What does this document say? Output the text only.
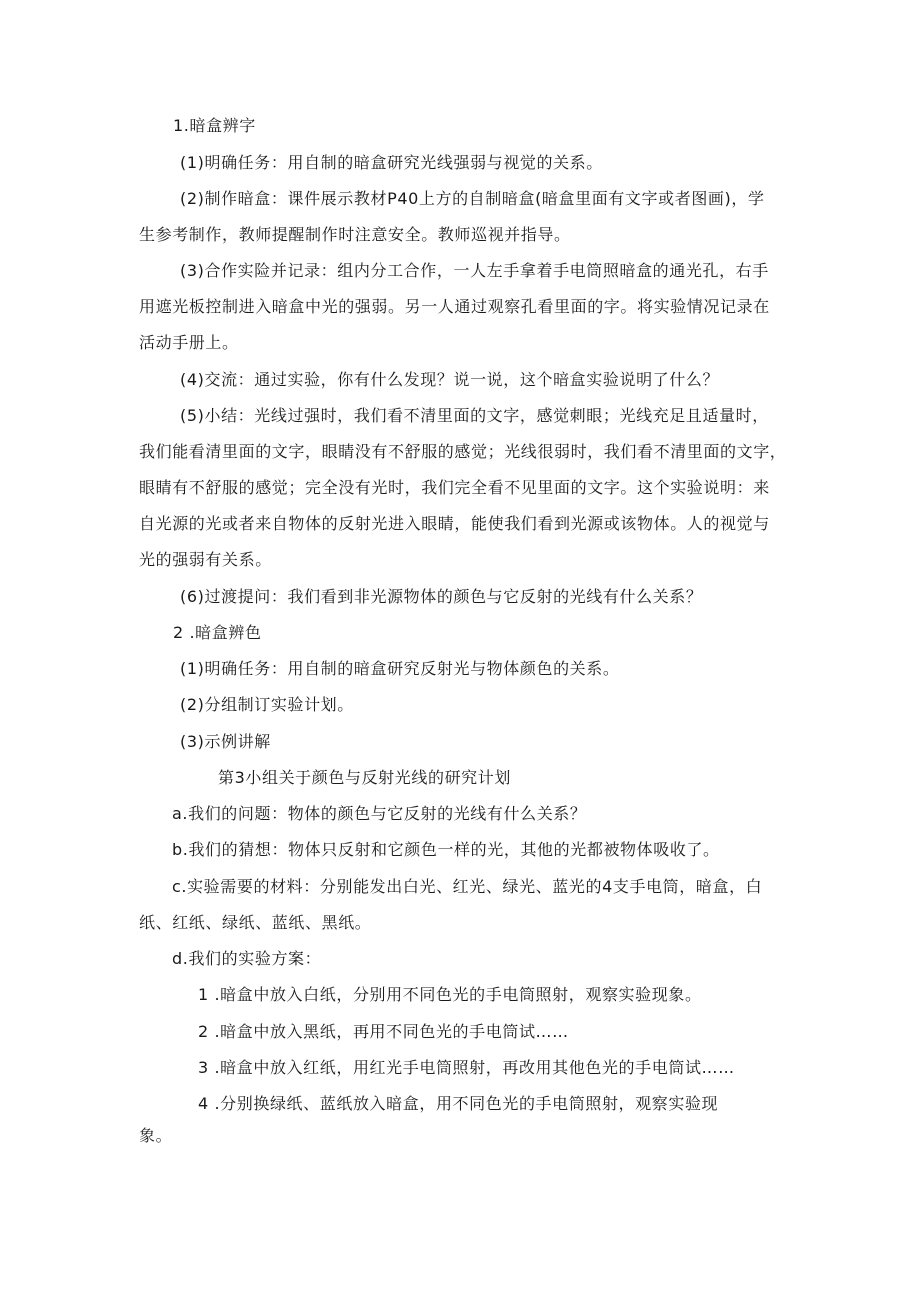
1.暗盒辨字

(1)明确任务：用自制的暗盒研究光线强弱与视觉的关系。

(2)制作暗盒：课件展示教材P40上方的自制暗盒(暗盒里面有文字或者图画)，学

生参考制作，教师提醒制作时注意安全。教师巡视并指导。

(3)合作实险并记录：组内分工合作，一人左手拿着手电筒照暗盒的通光孔，右手

用遮光板控制进入暗盒中光的强弱。另一人通过观察孔看里面的字。将实验情况记录在

活动手册上。

(4)交流：通过实验，你有什么发现？说一说，这个暗盒实验说明了什么？

(5)小结：光线过强时，我们看不清里面的文字，感觉刺眼；光线充足且适量时，

我们能看清里面的文字，眼睛没有不舒服的感觉；光线很弱时，我们看不清里面的文字，

眼睛有不舒服的感觉；完全没有光时，我们完全看不见里面的文字。这个实验说明：来

自光源的光或者来自物体的反射光进入眼睛，能使我们看到光源或该物体。人的视觉与

光的强弱有关系。

(6)过渡提问：我们看到非光源物体的颜色与它反射的光线有什么关系？

2 .暗盒辨色

(1)明确任务：用自制的暗盒研究反射光与物体颜色的关系。

(2)分组制订实验计划。

(3)示例讲解

第3小组关于颜色与反射光线的研究计划

a.我们的问题：物体的颜色与它反射的光线有什么关系？

b.我们的猜想：物体只反射和它颜色一样的光，其他的光都被物体吸收了。

c.实验需要的材料：分别能发出白光、红光、绿光、蓝光的4支手电筒，暗盒，白

纸、红纸、绿纸、蓝纸、黑纸。

d.我们的实验方案：

1 .暗盒中放入白纸，分别用不同色光的手电筒照射，观察实验现象。

2 .暗盒中放入黑纸，再用不同色光的手电筒试……

3 .暗盒中放入红纸，用红光手电筒照射，再改用其他色光的手电筒试……

4 .分别换绿纸、蓝纸放入暗盒，用不同色光的手电筒照射，观察实验现

象。
